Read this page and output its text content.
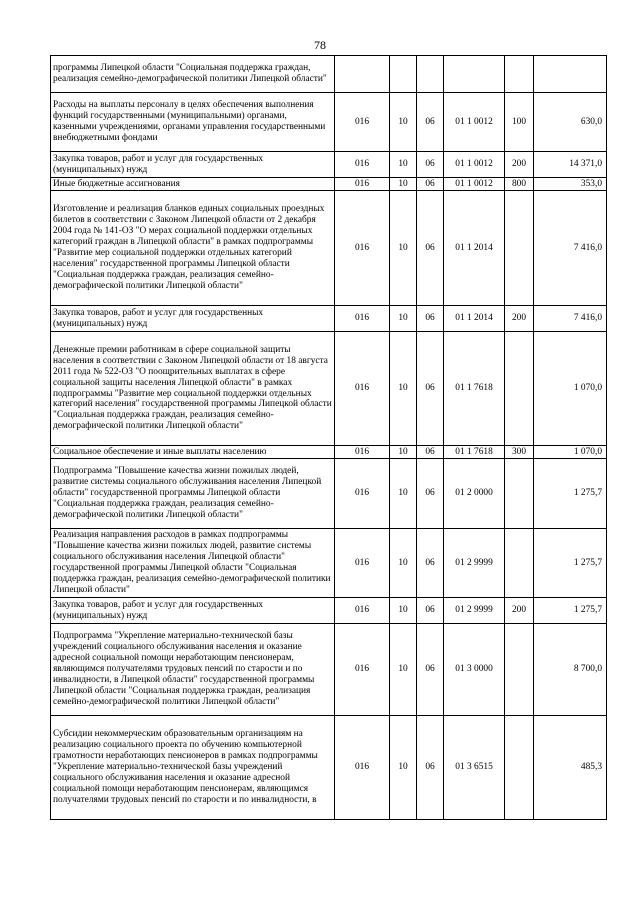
78
программы Липецкой области "Социальная поддержка граждан, реализация семейно-демографической политики Липецкой области"						
Расходы на выплаты персоналу в целях обеспечения выполнения функций государственными (муниципальными) органами, казенными учреждениями, органами управления государственными внебюджетными фондами	016	10	06	01 1 0012	100	630,0
Закупка товаров, работ и услуг для государственных (муниципальных) нужд	016	10	06	01 1 0012	200	14 371,0
Иные бюджетные ассигнования	016	10	06	01 1 0012	800	353,0
Изготовление и реализация бланков единых социальных проездных билетов в соответствии с Законом Липецкой области от 2 декабря 2004 года № 141-ОЗ "О мерах социальной поддержки отдельных категорий граждан в Липецкой области" в рамках подпрограммы "Развитие мер социальной поддержки отдельных категорий населения" государственной программы Липецкой области "Социальная поддержка граждан, реализация семейно-демографической политики Липецкой области"	016	10	06	01 1 2014		7 416,0
Закупка товаров, работ и услуг для государственных (муниципальных) нужд	016	10	06	01 1 2014	200	7 416,0
Денежные премии работникам в сфере социальной защиты населения в соответствии с Законом Липецкой области от 18 августа 2011 года № 522-ОЗ "О поощрительных выплатах в сфере социальной защиты населения Липецкой области" в рамках подпрограммы "Развитие мер социальной поддержки отдельных категорий населения" государственной программы Липецкой области "Социальная поддержка граждан, реализация семейно-демографической политики Липецкой области"	016	10	06	01 1 7618		1 070,0
Социальное обеспечение и иные выплаты населению	016	10	06	01 1 7618	300	1 070,0
Подпрограмма "Повышение качества жизни пожилых людей, развитие системы социального обслуживания населения Липецкой области" государственной программы Липецкой области "Социальная поддержка граждан, реализация семейно-демографической политики Липецкой области"	016	10	06	01 2 0000		1 275,7
Реализация направления расходов в рамках подпрограммы "Повышение качества жизни пожилых людей, развитие системы социального обслуживания населения Липецкой области" государственной программы Липецкой области "Социальная поддержка граждан, реализация семейно-демографической политики Липецкой области"	016	10	06	01 2 9999		1 275,7
Закупка товаров, работ и услуг для государственных (муниципальных) нужд	016	10	06	01 2 9999	200	1 275,7
Подпрограмма "Укрепление материально-технической базы учреждений социального обслуживания населения и оказание адресной социальной помощи неработающим пенсионерам, являющимся получателями трудовых пенсий по старости и по инвалидности, в Липецкой области" государственной программы Липецкой области "Социальная поддержка граждан, реализация семейно-демографической политики Липецкой области"	016	10	06	01 3 0000		8 700,0
Субсидии некоммерческим образовательным организациям на реализацию социального проекта по обучению компьютерной грамотности неработающих пенсионеров в рамках подпрограммы "Укрепление материально-технической базы учреждений социального обслуживания населения и оказание адресной социальной помощи неработающим пенсионерам, являющимся получателями трудовых пенсий по старости и по инвалидности, в	016	10	06	01 3 6515		485,3
